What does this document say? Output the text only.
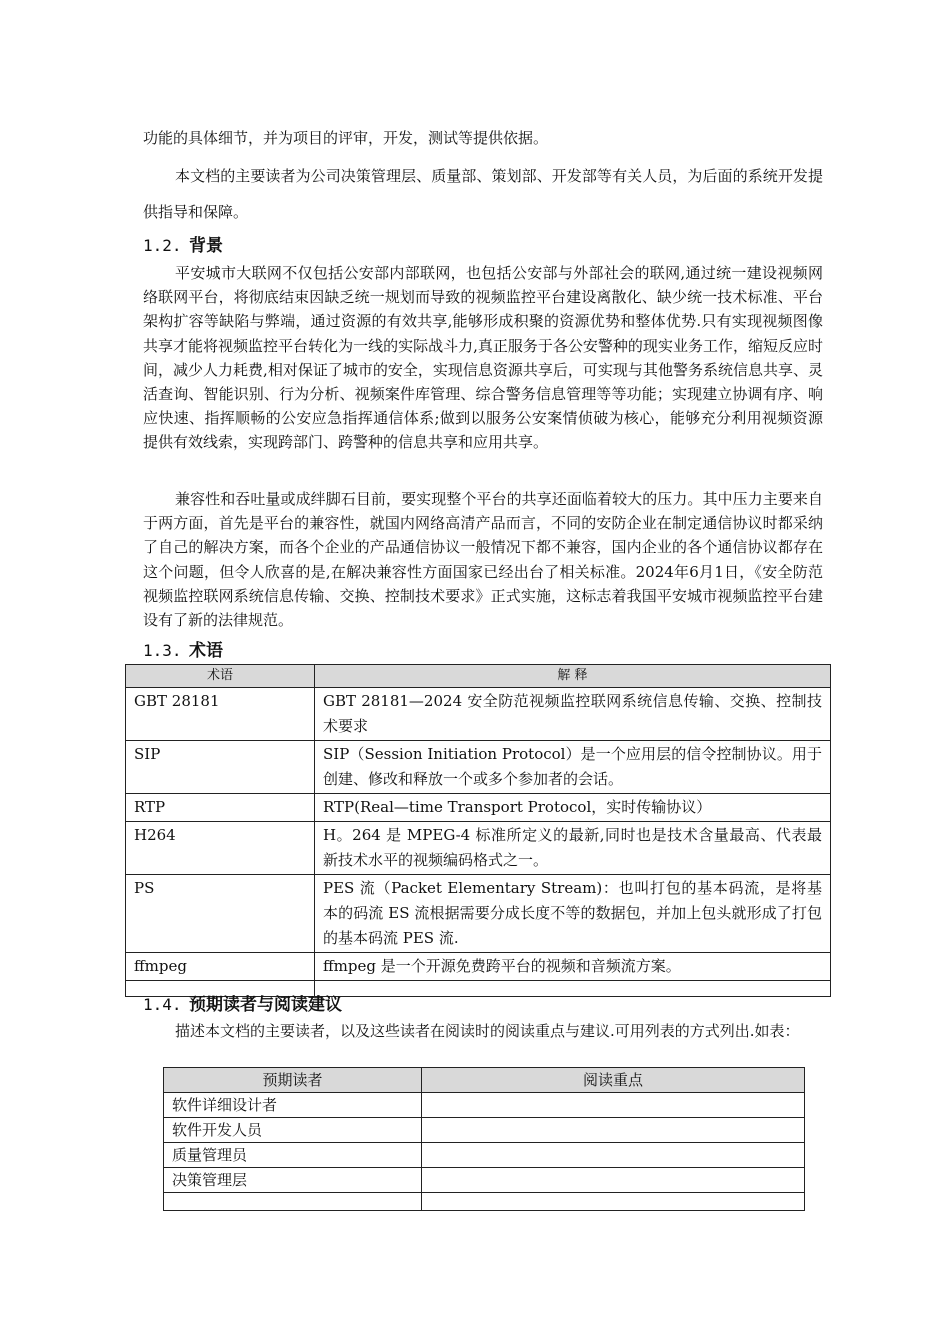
功能的具体细节，并为项目的评审，开发，测试等提供依据。

本文档的主要读者为公司决策管理层、质量部、策划部、开发部等有关人员，为后面的系统开发提供指导和保障。

1.2. 背景

平安城市大联网不仅包括公安部内部联网，也包括公安部与外部社会的联网,通过统一建设视频网络联网平台，将彻底结束因缺乏统一规划而导致的视频监控平台建设离散化、缺少统一技术标准、平台架构扩容等缺陷与弊端，通过资源的有效共享,能够形成积聚的资源优势和整体优势.只有实现视频图像共享才能将视频监控平台转化为一线的实际战斗力,真正服务于各公安警种的现实业务工作，缩短反应时间，减少人力耗费,相对保证了城市的安全，实现信息资源共享后，可实现与其他警务系统信息共享、灵活查询、智能识别、行为分析、视频案件库管理、综合警务信息管理等等功能；实现建立协调有序、响应快速、指挥顺畅的公安应急指挥通信体系;做到以服务公安案情侦破为核心，能够充分利用视频资源提供有效线索，实现跨部门、跨警种的信息共享和应用共享。

兼容性和吞吐量或成绊脚石目前，要实现整个平台的共享还面临着较大的压力。其中压力主要来自于两方面，首先是平台的兼容性，就国内网络高清产品而言，不同的安防企业在制定通信协议时都采纳了自己的解决方案，而各个企业的产品通信协议一般情况下都不兼容，国内企业的各个通信协议都存在这个问题，但令人欣喜的是,在解决兼容性方面国家已经出台了相关标准。2024年6月1日，《安全防范视频监控联网系统信息传输、交换、控制技术要求》正式实施，这标志着我国平安城市视频监控平台建设有了新的法律规范。

1.3. 术语
术语	解 释
GBT 28181	GBT 28181—2024 安全防范视频监控联网系统信息传输、交换、控制技术要求
SIP	SIP（Session Initiation Protocol）是一个应用层的信令控制协议。用于创建、修改和释放一个或多个参加者的会话。
RTP	RTP(Real—time Transport Protocol，实时传输协议）
H264	H。264 是 MPEG-4 标准所定义的最新,同时也是技术含量最高、代表最新技术水平的视频编码格式之一。
PS	PES 流（Packet Elementary Stream)：也叫打包的基本码流，是将基本的码流 ES 流根据需要分成长度不等的数据包，并加上包头就形成了打包的基本码流 PES 流.
ffmpeg	ffmpeg 是一个开源免费跨平台的视频和音频流方案。

1.4. 预期读者与阅读建议

描述本文档的主要读者，以及这些读者在阅读时的阅读重点与建议.可用列表的方式列出.如表：

预期读者	阅读重点
软件详细设计者	
软件开发人员	
质量管理员	
决策管理层	
